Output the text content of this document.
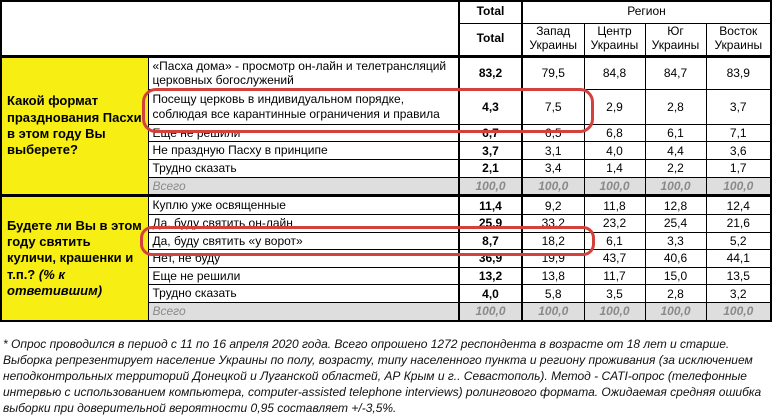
		Total	Регион			
		Total	Запад Украины	Центр Украины	Юг Украины	Восток Украины
Какой формат празднования Пасхи в этом году Вы выберете?	«Пасха дома» - просмотр он-лайн и телетрансляций церковных богослужений	83,2	79,5	84,8	84,7	83,9
	Посещу церковь в индивидуальном порядке, соблюдая все карантинные ограничения и правила	4,3	7,5	2,9	2,8	3,7
	Еще не решили	6,7	6,5	6,8	6,1	7,1
	Не праздную Пасху в принципе	3,7	3,1	4,0	4,4	3,6
	Трудно сказать	2,1	3,4	1,4	2,2	1,7
	Всего	100,0	100,0	100,0	100,0	100,0
Будете ли Вы в этом году святить куличи, крашенки и т.п.? (% к ответившим)	Куплю уже освященные	11,4	9,2	11,8	12,8	12,4
	Да, буду святить он-лайн	25,9	33,2	23,2	25,4	21,6
	Да, буду святить «у ворот»	8,7	18,2	6,1	3,3	5,2
	Нет, не буду	36,9	19,9	43,7	40,6	44,1
	Еще не решили	13,2	13,8	11,7	15,0	13,5
	Трудно сказать	4,0	5,8	3,5	2,8	3,2
	Всего	100,0	100,0	100,0	100,0	100,0
* Опрос проводился в период с 11 по 16 апреля 2020 года. Всего опрошено 1272 респондента в возрасте от 18 лет и старше. Выборка репрезентирует население Украины по полу, возрасту, типу населенного пункта и региону проживания (за исключением неподконтрольных территорий Донецкой и Луганской областей, АР Крым и г.. Севастополь). Метод - CATI-опрос (телефонные интервью с использованием компьютера, computer-assisted telephone interviews) ролингового формата. Ожидаемая средняя ошибка выборки при доверительной вероятности 0,95 составляет +/-3,5%.
